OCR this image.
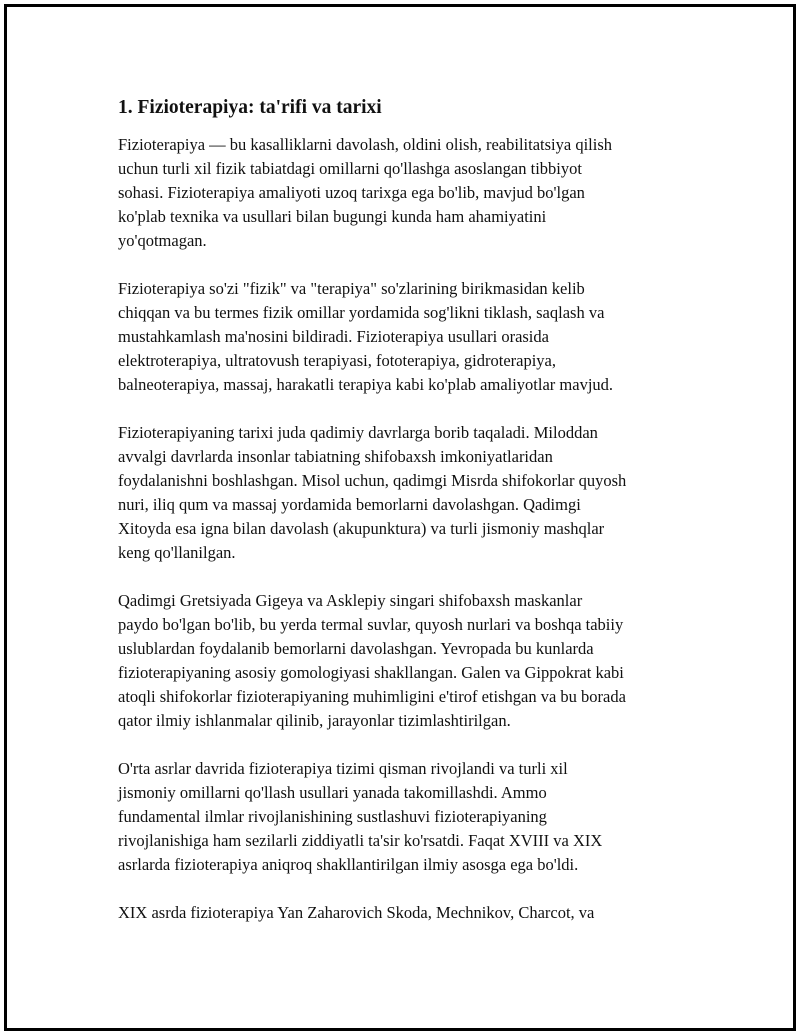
1. Fizioterapiya: ta'rifi va tarixi
Fizioterapiya — bu kasalliklarni davolash, oldini olish, reabilitatsiya qilish
uchun turli xil fizik tabiatdagi omillarni qo'llashga asoslangan tibbiyot
sohasi. Fizioterapiya amaliyoti uzoq tarixga ega bo'lib, mavjud bo'lgan
ko'plab texnika va usullari bilan bugungi kunda ham ahamiyatini
yo'qotmagan.
Fizioterapiya so'zi "fizik" va "terapiya" so'zlarining birikmasidan kelib
chiqqan va bu termes fizik omillar yordamida sog'likni tiklash, saqlash va
mustahkamlash ma'nosini bildiradi. Fizioterapiya usullari orasida
elektroterapiya, ultratovush terapiyasi, fototerapiya, gidroterapiya,
balneoterapiya, massaj, harakatli terapiya kabi ko'plab amaliyotlar mavjud.
Fizioterapiyaning tarixi juda qadimiy davrlarga borib taqaladi. Miloddan
avvalgi davrlarda insonlar tabiatning shifobaxsh imkoniyatlaridan
foydalanishni boshlashgan. Misol uchun, qadimgi Misrda shifokorlar quyosh
nuri, iliq qum va massaj yordamida bemorlarni davolashgan. Qadimgi
Xitoyda esa igna bilan davolash (akupunktura) va turli jismoniy mashqlar
keng qo'llanilgan.
Qadimgi Gretsiyada Gigeya va Asklepiy singari shifobaxsh maskanlar
paydo bo'lgan bo'lib, bu yerda termal suvlar, quyosh nurlari va boshqa tabiiy
uslublardan foydalanib bemorlarni davolashgan. Yevropada bu kunlarda
fizioterapiyaning asosiy gomologiyasi shakllangan. Galen va Gippokrat kabi
atoqli shifokorlar fizioterapiyaning muhimligini e'tirof etishgan va bu borada
qator ilmiy ishlanmalar qilinib, jarayonlar tizimlashtirilgan.
O'rta asrlar davrida fizioterapiya tizimi qisman rivojlandi va turli xil
jismoniy omillarni qo'llash usullari yanada takomillashdi. Ammo
fundamental ilmlar rivojlanishining sustlashuvi fizioterapiyaning
rivojlanishiga ham sezilarli ziddiyatli ta'sir ko'rsatdi. Faqat XVIII va XIX
asrlarda fizioterapiya aniqroq shakllantirilgan ilmiy asosga ega bo'ldi.
XIX asrda fizioterapiya Yan Zaharovich Skoda, Mechnikov, Charcot, va
